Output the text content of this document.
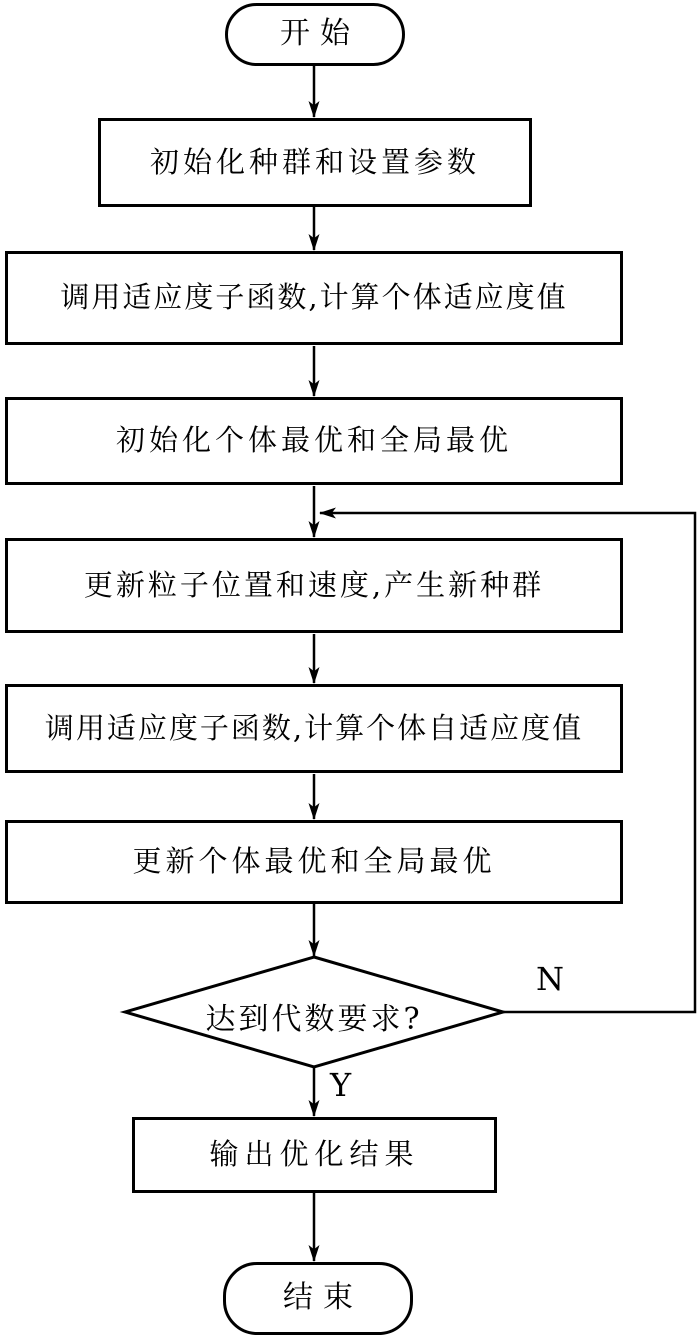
开始
初始化种群和设置参数
调用适应度子函数,计算个体适应度值
初始化个体最优和全局最优
更新粒子位置和速度,产生新种群
调用适应度子函数,计算个体自适应度值
更新个体最优和全局最优
达到代数要求?
N
Y
输出优化结果
结束
